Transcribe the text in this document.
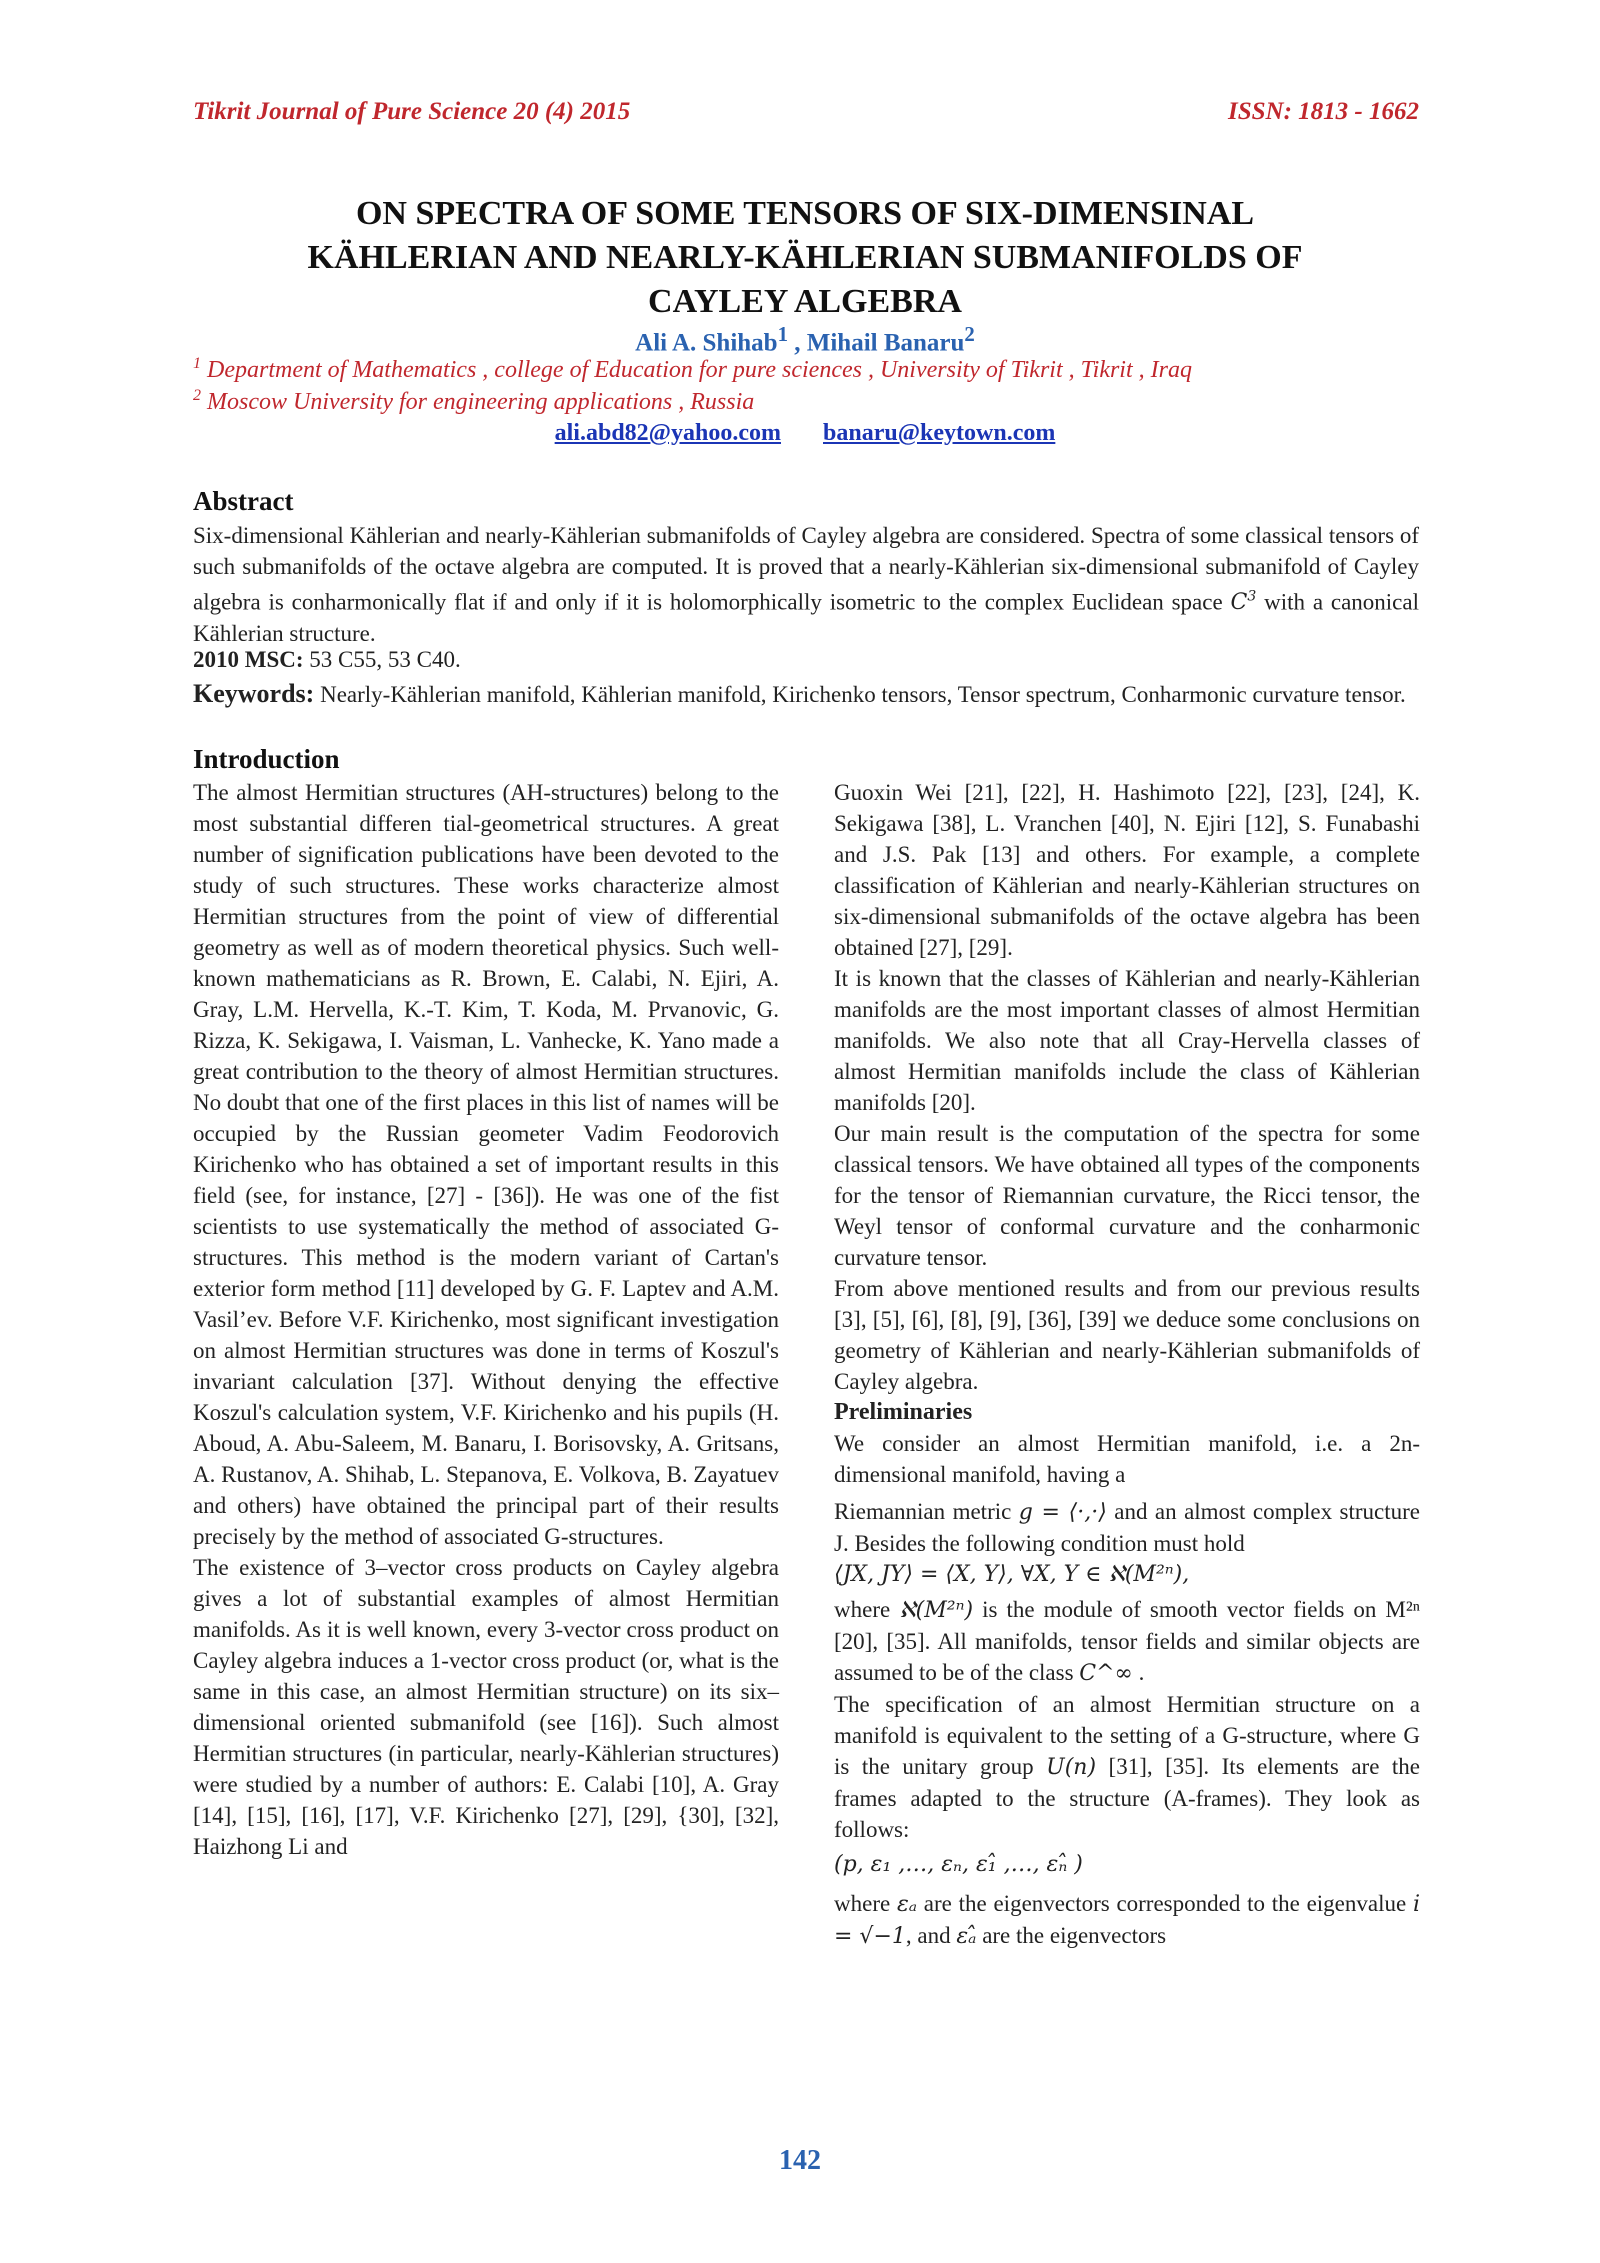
Tikrit Journal of Pure Science 20 (4) 2015	ISSN: 1813 - 1662
ON SPECTRA OF SOME TENSORS OF SIX-DIMENSINAL
KÄHLERIAN AND NEARLY-KÄHLERIAN SUBMANIFOLDS OF
CAYLEY ALGEBRA
Ali A. Shihab$^1$ , Mihail Banaru$^2$
$^1$ Department of Mathematics , college of Education for pure sciences , University of Tikrit , Tikrit , Iraq
$^2$ Moscow University for engineering applications , Russia
ali.abd82@yahoo.com banaru@keytown.com
Abstract
Six-dimensional Kählerian and nearly-Kählerian submanifolds of Cayley algebra are considered. Spectra of some classical tensors of such submanifolds of the octave algebra are computed. It is proved that a nearly-Kählerian six-dimensional submanifold of Cayley algebra is conharmonically flat if and only if it is holomorphically isometric to the complex Euclidean space $C^3$ with a canonical Kählerian structure.
2010 MSC: 53 C55, 53 C40.
Keywords: Nearly-Kählerian manifold, Kählerian manifold, Kirichenko tensors, Tensor spectrum, Conharmonic curvature tensor.
Introduction

The almost Hermitian structures (AH-structures) belong to the most substantial differen tial-geometrical structures. A great number of signification publications have been devoted to the study of such structures. These works characterize almost Hermitian structures from the point of view of differential geometry as well as of modern theoretical physics. Such well-known mathematicians as R. Brown, E. Calabi, N. Ejiri, A. Gray, L.M. Hervella, K.-T. Kim, T. Koda, M. Prvanovic, G. Rizza, K. Sekigawa, I. Vaisman, L. Vanhecke, K. Yano made a great contribution to the theory of almost Hermitian structures. No doubt that one of the first places in this list of names will be occupied by the Russian geometer Vadim Feodorovich Kirichenko who has obtained a set of important results in this field (see, for instance, [27] - [36]). He was one of the fist scientists to use systematically the method of associated G-structures. This method is the modern variant of Cartan's exterior form method [11] developed by G. F. Laptev and A.M. Vasil’ev. Before V.F. Kirichenko, most significant investigation on almost Hermitian structures was done in terms of Koszul's invariant calculation [37]. Without denying the effective Koszul's calculation system, V.F. Kirichenko and his pupils (H. Aboud, A. Abu-Saleem, M. Banaru, I. Borisovsky, A. Gritsans, A. Rustanov, A. Shihab, L. Stepanova, E. Volkova, B. Zayatuev and others) have obtained the principal part of their results precisely by the method of associated G-structures.

The existence of 3–vector cross products on Cayley algebra gives a lot of substantial examples of almost Hermitian manifolds. As it is well known, every 3-vector cross product on Cayley algebra induces a 1-vector cross product (or, what is the same in this case, an almost Hermitian structure) on its six–dimensional oriented submanifold (see [16]). Such almost Hermitian structures (in particular, nearly-Kählerian structures) were studied by a number of authors: E. Calabi [10], A. Gray [14], [15], [16], [17], V.F. Kirichenko [27], [29], {30], [32], Haizhong Li and

Guoxin Wei [21], [22], H. Hashimoto [22], [23], [24], K. Sekigawa [38], L. Vranchen [40], N. Ejiri [12], S. Funabashi and J.S. Pak [13] and others. For example, a complete classification of Kählerian and nearly-Kählerian structures on six-dimensional submanifolds of the octave algebra has been obtained [27], [29].

It is known that the classes of Kählerian and nearly-Kählerian manifolds are the most important classes of almost Hermitian manifolds. We also note that all Cray-Hervella classes of almost Hermitian manifolds include the class of Kählerian manifolds [20].

Our main result is the computation of the spectra for some classical tensors. We have obtained all types of the components for the tensor of Riemannian curvature, the Ricci tensor, the Weyl tensor of conformal curvature and the conharmonic curvature tensor.

From above mentioned results and from our previous results [3], [5], [6], [8], [9], [36], [39] we deduce some conclusions on geometry of Kählerian and nearly-Kählerian submanifolds of Cayley algebra.

Preliminaries

We consider an almost Hermitian manifold, i.e. a 2n-dimensional manifold, having a

Riemannian metric g = ⟨·,·⟩ and an almost complex structure J. Besides the following condition must hold

⟨JX, JY⟩ = ⟨X, Y⟩, ∀X, Y ∈ ℵ(M²ⁿ),

where ℵ(M²ⁿ) is the module of smooth vector fields on M²ⁿ [20], [35]. All manifolds, tensor fields and similar objects are assumed to be of the class C^∞ .

The specification of an almost Hermitian structure on a manifold is equivalent to the setting of a G-structure, where G is the unitary group U(n) [31], [35]. Its elements are the frames adapted to the structure (A-frames). They look as follows:

(p, ε₁ ,…, εₙ, ε₁̂ ,…, εₙ̂ )

where εₐ are the eigenvectors corresponded to the eigenvalue i = √−1, and εₐ̂ are the eigenvectors

142
